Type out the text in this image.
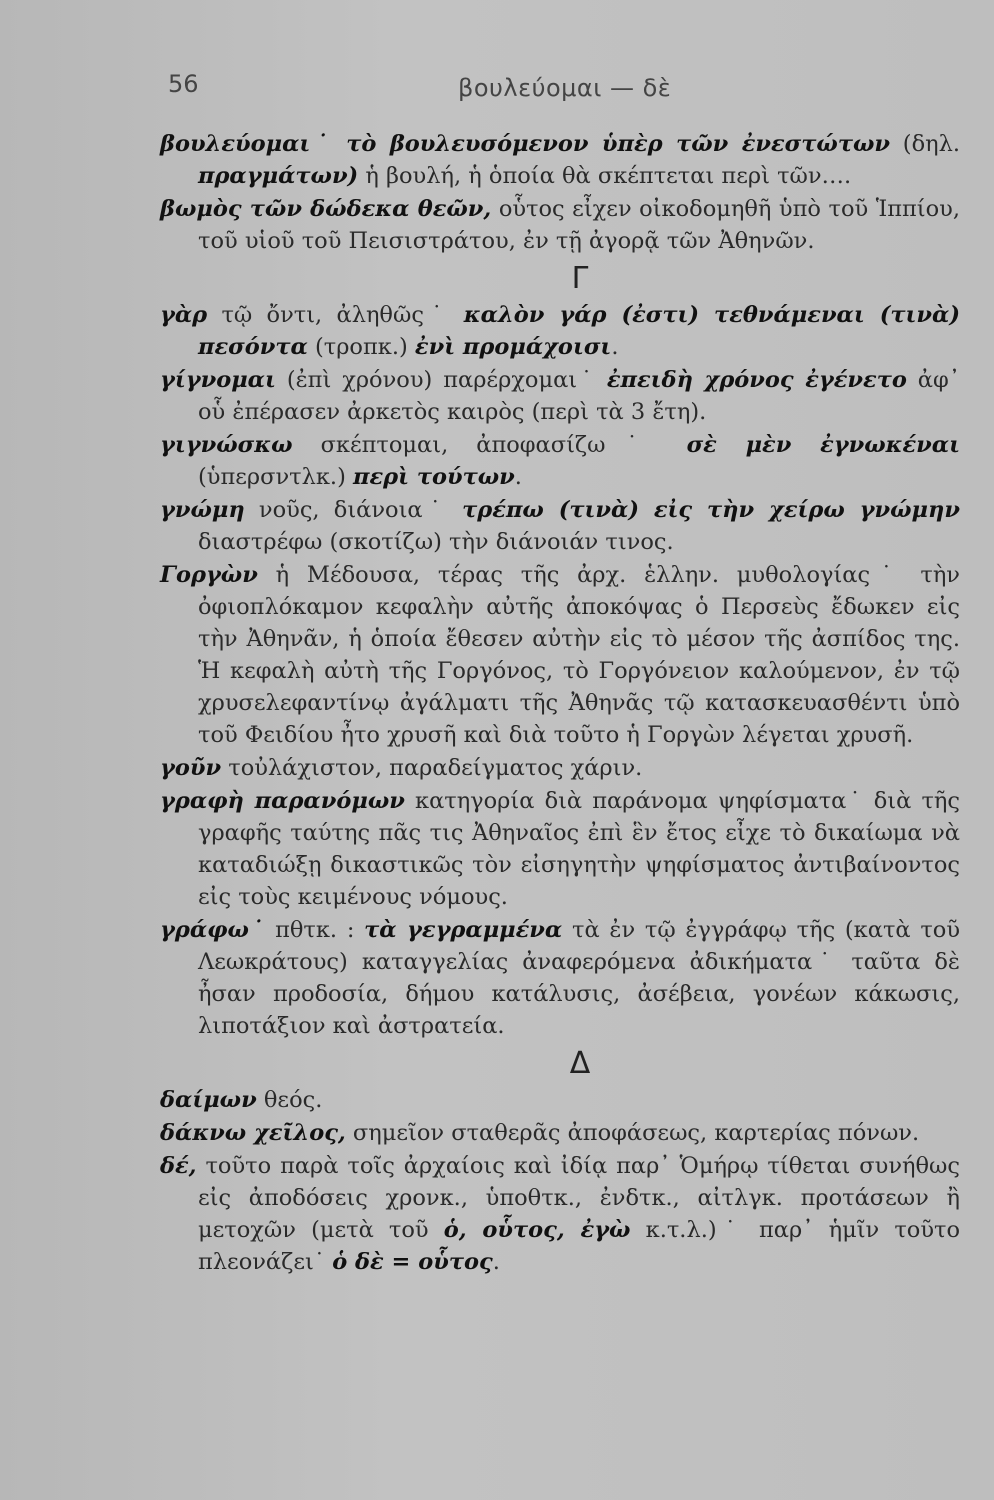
56	βουλεύομαι — δὲ

βουλεύομαι˙ τὸ βουλευσόμενον ὑπὲρ τῶν ἐνεστώτων (δηλ. πραγμάτων) ἡ βουλή, ἡ ὁποία θὰ σκέπτεται περὶ τῶν….

βωμὸς τῶν δώδεκα θεῶν, οὗτος εἶχεν οἰκοδομηθῆ ὑπὸ τοῦ Ἱππίου, τοῦ υἱοῦ τοῦ Πεισιστράτου, ἐν τῇ ἀγορᾷ τῶν Ἀθηνῶν.

Γ

γὰρ τῷ ὄντι, ἀληθῶς˙ καλὸν γάρ (ἐστι) τεθνάμεναι (τινὰ) πεσόντα (τροπκ.) ἐνὶ προμάχοισι.

γίγνομαι (ἐπὶ χρόνου) παρέρχομαι˙ ἐπειδὴ χρόνος ἐγένετο ἀφ᾽ οὗ ἐπέρασεν ἀρκετὸς καιρὸς (περὶ τὰ 3 ἔτη).

γιγνώσκω σκέπτομαι, ἀποφασίζω˙ σὲ μὲν ἐγνωκέναι (ὑπερσντλκ.) περὶ τούτων.

γνώμη νοῦς, διάνοια˙ τρέπω (τινὰ) εἰς τὴν χείρω γνώμην διαστρέφω (σκοτίζω) τὴν διάνοιάν τινος.

Γοργὼν ἡ Μέδουσα, τέρας τῆς ἀρχ. ἑλλην. μυθολογίας˙ τὴν ὀφιοπλόκαμον κεφαλὴν αὐτῆς ἀποκόψας ὁ Περσεὺς ἔδωκεν εἰς τὴν Ἀθηνᾶν, ἡ ὁποία ἔθεσεν αὐτὴν εἰς τὸ μέσον τῆς ἀσπίδος της. Ἡ κεφαλὴ αὐτὴ τῆς Γοργόνος, τὸ Γοργόνειον καλούμενον, ἐν τῷ χρυσελεφαντίνῳ ἀγάλματι τῆς Ἀθηνᾶς τῷ κατασκευασθέντι ὑπὸ τοῦ Φειδίου ἦτο χρυσῆ καὶ διὰ τοῦτο ἡ Γοργὼν λέγεται χρυσῆ.

γοῦν τοὐλάχιστον, παραδείγματος χάριν.

γραφὴ παρανόμων κατηγορία διὰ παράνομα ψηφίσματα˙ διὰ τῆς γραφῆς ταύτης πᾶς τις Ἀθηναῖος ἐπὶ ἓν ἔτος εἶχε τὸ δικαίωμα νὰ καταδιώξῃ δικαστικῶς τὸν εἰσηγητὴν ψηφίσματος ἀντιβαίνοντος εἰς τοὺς κειμένους νόμους.

γράφω˙ πθτκ. : τὰ γεγραμμένα τὰ ἐν τῷ ἐγγράφῳ τῆς (κατὰ τοῦ Λεωκράτους) καταγγελίας ἀναφερόμενα ἀδικήματα˙ ταῦτα δὲ ἦσαν προδοσία, δήμου κατάλυσις, ἀσέβεια, γονέων κάκωσις, λιποτάξιον καὶ ἀστρατεία.

Δ

δαίμων θεός.

δάκνω χεῖλος, σημεῖον σταθερᾶς ἀποφάσεως, καρτερίας πόνων.

δέ, τοῦτο παρὰ τοῖς ἀρχαίοις καὶ ἰδίᾳ παρ᾽ Ὁμήρῳ τίθεται συνήθως εἰς ἀποδόσεις χρονκ., ὑποθτκ., ἐνδτκ., αἰτλγκ. προτάσεων ἢ μετοχῶν (μετὰ τοῦ ὁ, οὗτος, ἐγὼ κ.τ.λ.)˙ παρ᾽ ἡμῖν τοῦτο πλεονάζει˙ ὁ δὲ = οὗτος.
